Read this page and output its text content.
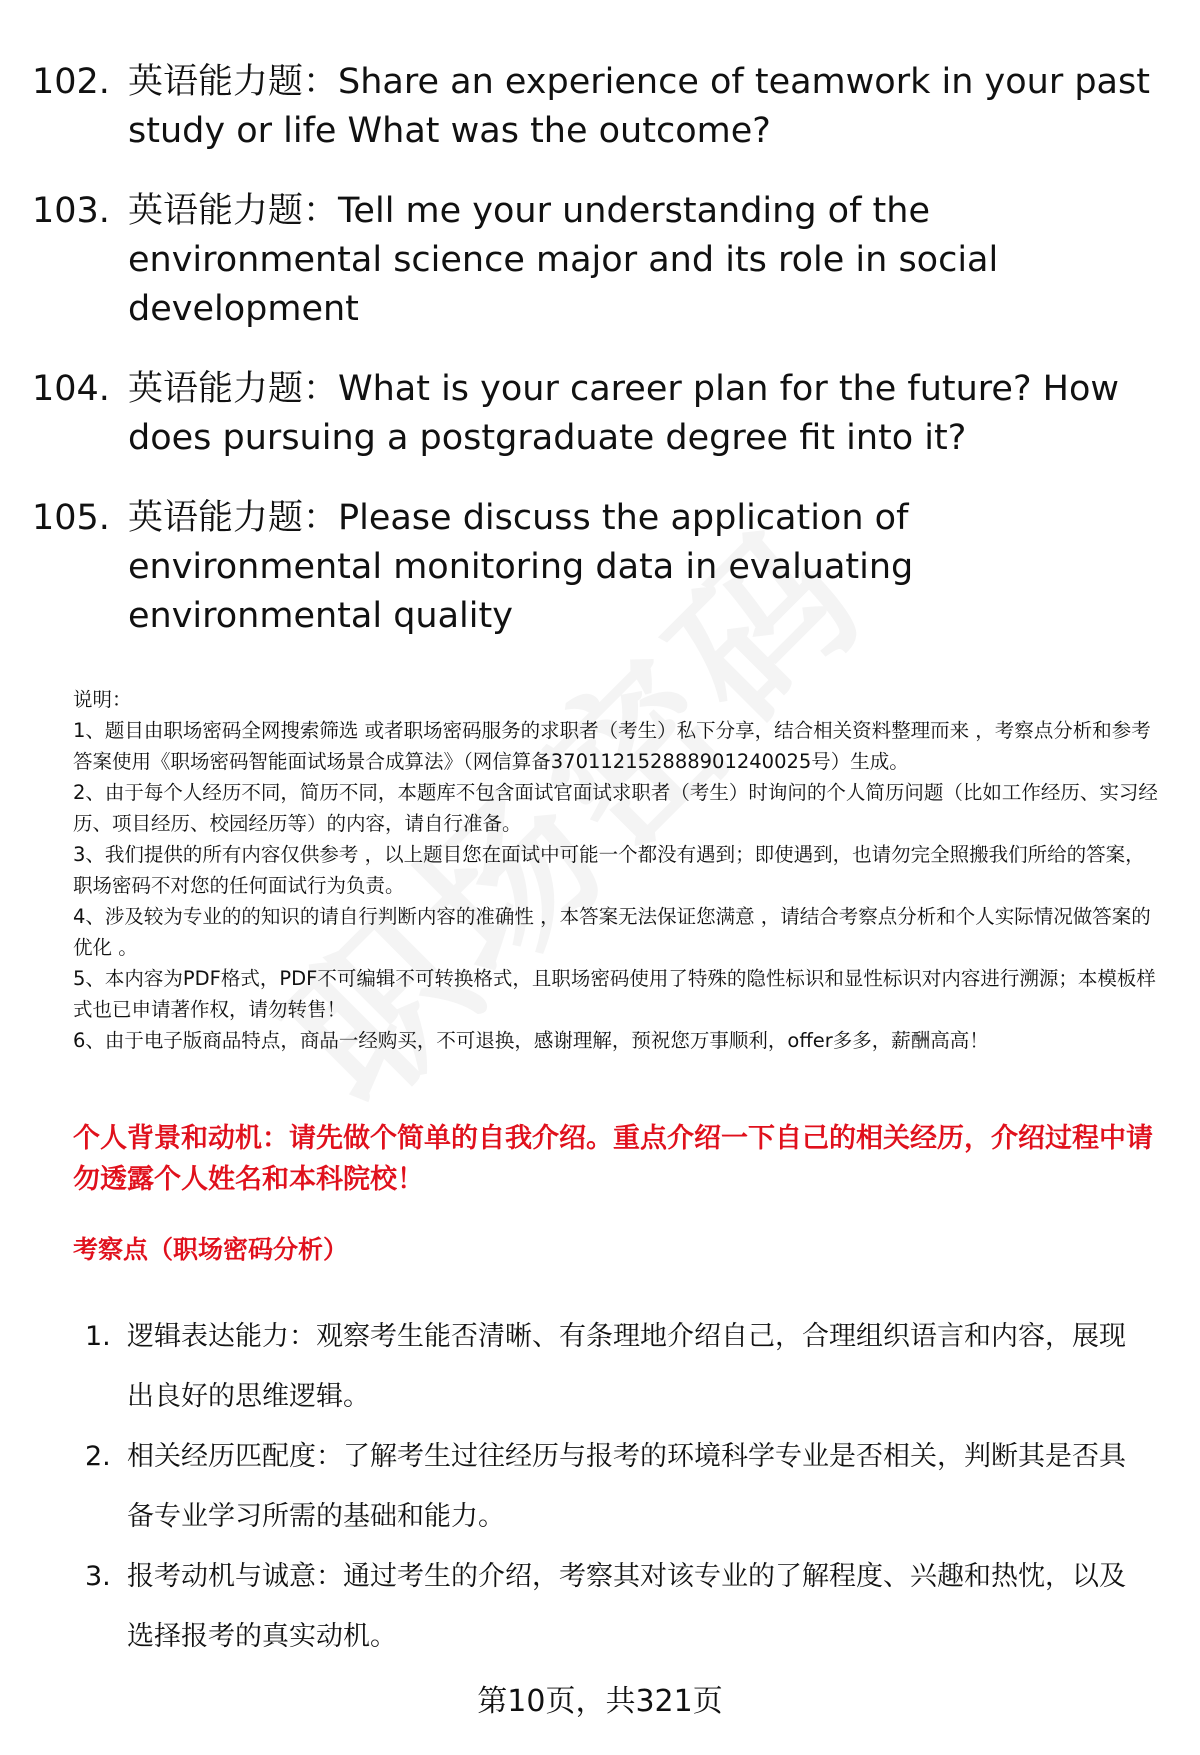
102. 英语能力题：Share an experience of teamwork in your past study or life What was the outcome?
103. 英语能力题：Tell me your understanding of the environmental science major and its role in social development
104. 英语能力题：What is your career plan for the future? How does pursuing a postgraduate degree fit into it?
105. 英语能力题：Please discuss the application of environmental monitoring data in evaluating environmental quality

说明：

1、题目由职场密码全网搜索筛选 或者职场密码服务的求职者（考生）私下分享，结合相关资料整理而来 ，考察点分析和参考答案使用《职场密码智能面试场景合成算法》（网信算备370112152888901240025号）生成。

2、由于每个人经历不同，简历不同，本题库不包含面试官面试求职者（考生）时询问的个人简历问题（比如工作经历、实习经历、项目经历、校园经历等）的内容，请自行准备。

3、我们提供的所有内容仅供参考 ，以上题目您在面试中可能一个都没有遇到；即使遇到，也请勿完全照搬我们所给的答案，职场密码不对您的任何面试行为负责。

4、涉及较为专业的的知识的请自行判断内容的准确性 ，本答案无法保证您满意 ，请结合考察点分析和个人实际情况做答案的优化 。

5、本内容为PDF格式，PDF不可编辑不可转换格式，且职场密码使用了特殊的隐性标识和显性标识对内容进行溯源；本模板样式也已申请著作权，请勿转售！

6、由于电子版商品特点，商品一经购买，不可退换，感谢理解，预祝您万事顺利，offer多多，薪酬高高！

个人背景和动机：请先做个简单的自我介绍。重点介绍一下自己的相关经历，介绍过程中请勿透露个人姓名和本科院校！
考察点（职场密码分析）
1. 逻辑表达能力：观察考生能否清晰、有条理地介绍自己，合理组织语言和内容，展现出良好的思维逻辑。
2. 相关经历匹配度：了解考生过往经历与报考的环境科学专业是否相关，判断其是否具备专业学习所需的基础和能力。
3. 报考动机与诚意：通过考生的介绍，考察其对该专业的了解程度、兴趣和热忱，以及选择报考的真实动机。
第10页，共321页
